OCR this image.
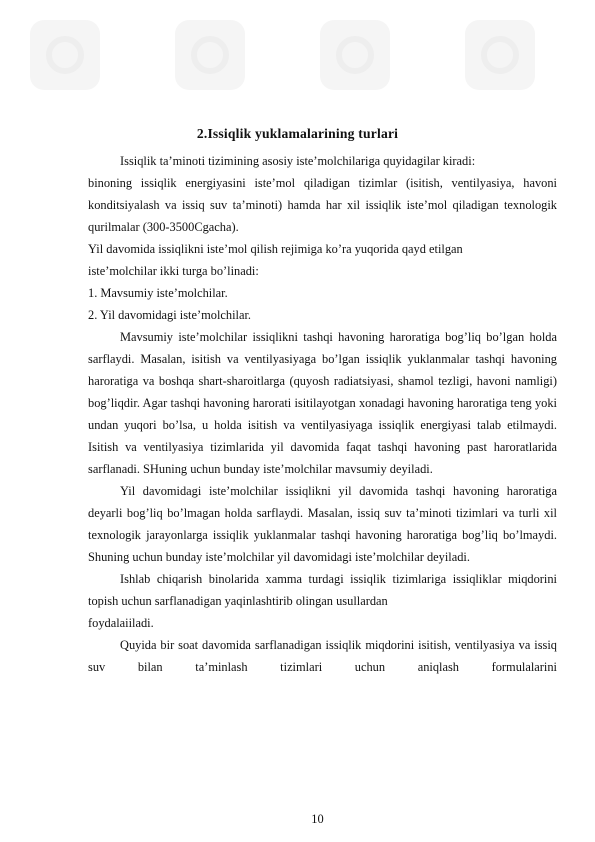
2.Issiqlik yuklamalarining turlari

Issiqlik ta’minoti tizimining asosiy iste’molchilariga quyidagilar kiradi:

binoning issiqlik energiyasini iste’mol qiladigan tizimlar (isitish, ventilyasiya, havoni konditsiyalash va issiq suv ta’minoti) hamda har xil issiqlik iste’mol qiladigan texnologik qurilmalar (300-3500Cgacha).

Yil davomida issiqlikni iste’mol qilish rejimiga ko’ra yuqorida qayd etilgan

iste’molchilar ikki turga bo’linadi:

1. Mavsumiy iste’molchilar.

2. Yil davomidagi iste’molchilar.

Mavsumiy iste’molchilar issiqlikni tashqi havoning haroratiga bog’liq bo’lgan holda sarflaydi. Masalan, isitish va ventilyasiyaga bo’lgan issiqlik yuklanmalar tashqi havoning haroratiga va boshqa shart-sharoitlarga (quyosh radiatsiyasi, shamol tezligi, havoni namligi) bog’liqdir. Agar tashqi havoning harorati isitilayotgan xonadagi havoning haroratiga teng yoki undan yuqori bo’lsa, u holda isitish va ventilyasiyaga issiqlik energiyasi talab etilmaydi. Isitish va ventilyasiya tizimlarida yil davomida faqat tashqi havoning past haroratlarida sarflanadi. SHuning uchun bunday iste’molchilar mavsumiy deyiladi.

Yil davomidagi iste’molchilar issiqlikni yil davomida tashqi havoning haroratiga deyarli bog’liq bo’lmagan holda sarflaydi. Masalan, issiq suv ta’minoti tizimlari va turli xil texnologik jarayonlarga issiqlik yuklanmalar tashqi havoning haroratiga bog’liq bo’lmaydi. Shuning uchun bunday iste’molchilar yil davomidagi iste’molchilar deyiladi.

Ishlab chiqarish binolarida xamma turdagi issiqlik tizimlariga issiqliklar miqdorini topish uchun sarflanadigan yaqinlashtirib olingan usullardan

foydalaiiladi.

Quyida bir soat davomida sarflanadigan issiqlik miqdorini isitish, ventilyasiya va issiq suv bilan ta’minlash tizimlari uchun aniqlash formulalarini

10
